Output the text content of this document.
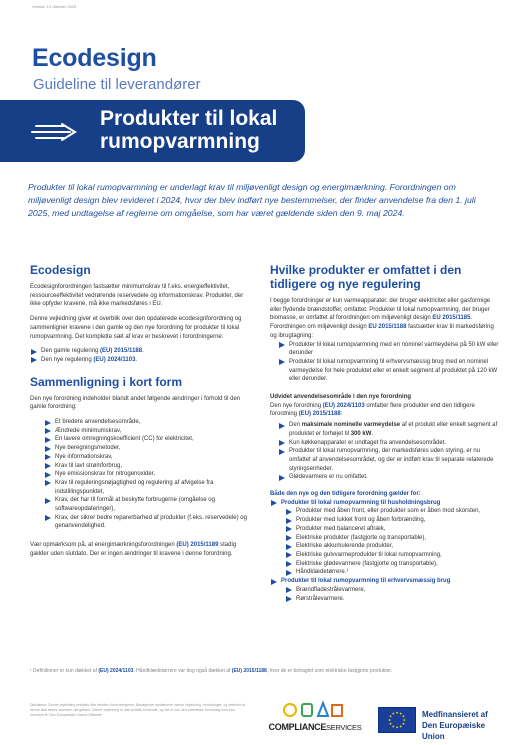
Version 14 Oktober 2025
Ecodesign
Guideline til leverandører
Produkter til lokal
rumopvarmning
Produkter til lokal rumopvarmning er underlagt krav til miljøvenligt design og energimærkning. Forordningen om miljøvenligt design blev revideret i 2024, hvor der blev indført nye bestemmelser, der finder anvendelse fra den 1. juli 2025, med undtagelse af reglerne om omgåelse, som har været gældende siden den 9. maj 2024.
Ecodesign

Ecodesignforordningen fastsætter minimumskrav til f.eks. energieffektivitet, ressourceeffektivitet vedrørende reservedele og informationskrav. Produkter, der ikke opfyder kravene, må ikke markedsføres i EU.

Denne vejledning giver et overblik over den opdaterede ecodesignforordning og sammenligner kravene i den gamle og den nye forordning for produkter til lokal rumopvarmning. Det komplette sæt af krav er beskrevet i forordningerne:

Den gamle regulering (EU) 2015/1188.
Den nye regulering (EU) 2024/1103.
Sammenligning i kort form

Den nye forordning indeholder blandt andet følgende ændringer i forhold til den gamle forordning:

Et bredere anvendelsesområde,
Ændrede minimumskrav,
En lavere omregningskoefficient (CC) for elektricitet,
Nye beregningsmetoder,
Nye informationskrav,
Krav til lavt strømforbrug,
Nye emissionskrav for nitrogenoxider,
Krav til reguleringsnøjagtighed og regulering af afvigelse fra indstillingspunktet,
Krav, der har til formål at beskytte forbrugerne (omgåelse og softwareopdateringer),
Krav, der sikrer bedre reparerbarhed af produkter (f.eks. reservedele) og genanvendelighed.

Vær opmærksom på, at energimærkningsforordningen (EU) 2015/1189 stadig gælder uden slutdato. Der er ingen ændringer til kravene i denne forordning.

Hvilke produkter er omfattet i den tidligere og nye regulering

I begge forordninger er kun varmeapparater, der bruger elektricitet eller gasformige eller flydende brændstoffer, omfattet. Produkter til lokal rumopvarmning, der bruger biomasse, er omfattet af forordningen om miljøvenligt design EU 2015/1185.

Forordningen om miljøvenligt design EU 2015/1188 fastsætter krav til markedsføring og ibrugtagning:

Produkter til lokal rumopvarmning med en nominel varmeydelse på 50 kW eller derunder
Produkter til lokal rumopvarmning til erhvervsmæssig brug med en nominel varmeydelse for hele produktet eller et enkelt segment af produktet på 120 kW eller derunder.

Udvidet anvendelsesområde i den nye forordning

Den nye forordning (EU) 2024/1103 omfatter flere produkter end den tidligere forordning (EU) 2015/1188:

Den maksimale nominelle varmeydelse af et produkt eller enkelt segment af produktet er forhøjet til 300 kW.
Kun køkkenapparater er undtaget fra anvendelsesområdet.
Produkter til lokal rumopvarmning, der markedsføres uden styring, er nu omfattet af anvendelsesområdet, og der er indført krav til separate relaterede styringsenheder.
Glødevarmere er nu omfattet.

Både den nye og den tidligere forordning gælder for:

Produkter til lokal rumopvarmning til husholdningsbrug
Produkter med åben front, eller produkter som er åben mod skorsten,
Produkter med lukket front og åben forbrænding,
Produkter med balanceret aftræk,
Elektriske produkter (fastgjorte og transportable),
Elektriske akkumulerende produkter,
Elektriske gulvvarmeprodukter til lokal rumopvarmning,
Elektriske glødevarmere (fastgjorte og transportable),
Håndklædetørrere.¹
Produkter til lokal rumopvarmning til erhvervsmæssig brug
Brændfladestrålevarmere,
Rørstrålevarmere.
¹ Definitioner er kun dækket af (EU) 2024/1103. Håndklædetørrere var dog også dækket af (EU) 2015/1188, hvor de er betragtet som elektriske fastgjorte produkter.
Disclaimer: Denne vejledning erstatter ikke teksten i forordningerne. Besøgende medlemmer denne vejledning, forordninger, og rettelser af denne skal læses sammen, det gælder. Denne vejledning er ikke juridisk bindende, og det er kun den autentiske forordning som kan henvises til. Den Europæiske Unions Officielle.
COMPLIANCESERVICES
Medfinansieret af
Den Europæiske Union
